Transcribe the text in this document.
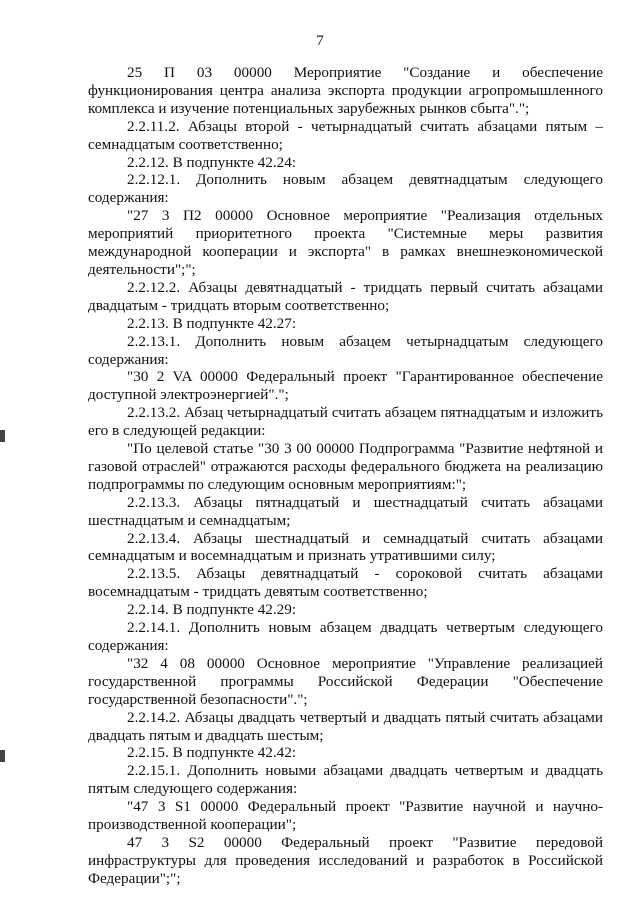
7

25 П 03 00000 Мероприятие "Создание и обеспечение функционирования центра анализа экспорта продукции агропромышленного комплекса и изучение потенциальных зарубежных рынков сбыта".";

2.2.11.2. Абзацы второй - четырнадцатый считать абзацами пятым – семнадцатым соответственно;

2.2.12. В подпункте 42.24:

2.2.12.1. Дополнить новым абзацем девятнадцатым следующего содержания:

"27 3 П2 00000 Основное мероприятие "Реализация отдельных мероприятий приоритетного проекта "Системные меры развития международной кооперации и экспорта" в рамках внешнеэкономической деятельности";";

2.2.12.2. Абзацы девятнадцатый - тридцать первый считать абзацами двадцатым - тридцать вторым соответственно;

2.2.13. В подпункте 42.27:

2.2.13.1. Дополнить новым абзацем четырнадцатым следующего содержания:

"30 2 VA 00000 Федеральный проект "Гарантированное обеспечение доступной электроэнергией".";

2.2.13.2. Абзац четырнадцатый считать абзацем пятнадцатым и изложить его в следующей редакции:

"По целевой статье "30 3 00 00000 Подпрограмма "Развитие нефтяной и газовой отраслей" отражаются расходы федерального бюджета на реализацию подпрограммы по следующим основным мероприятиям:";

2.2.13.3. Абзацы пятнадцатый и шестнадцатый считать абзацами шестнадцатым и семнадцатым;

2.2.13.4. Абзацы шестнадцатый и семнадцатый считать абзацами семнадцатым и восемнадцатым и признать утратившими силу;

2.2.13.5. Абзацы девятнадцатый - сороковой считать абзацами восемнадцатым - тридцать девятым соответственно;

2.2.14. В подпункте 42.29:

2.2.14.1. Дополнить новым абзацем двадцать четвертым следующего содержания:

"32 4 08 00000 Основное мероприятие "Управление реализацией государственной программы Российской Федерации "Обеспечение государственной безопасности".";

2.2.14.2. Абзацы двадцать четвертый и двадцать пятый считать абзацами двадцать пятым и двадцать шестым;

2.2.15. В подпункте 42.42:

2.2.15.1. Дополнить новыми абзацами двадцать четвертым и двадцать пятым следующего содержания:

"47 3 S1 00000 Федеральный проект "Развитие научной и научно-производственной кооперации";

47 3 S2 00000 Федеральный проект "Развитие передовой инфраструктуры для проведения исследований и разработок в Российской Федерации";";
